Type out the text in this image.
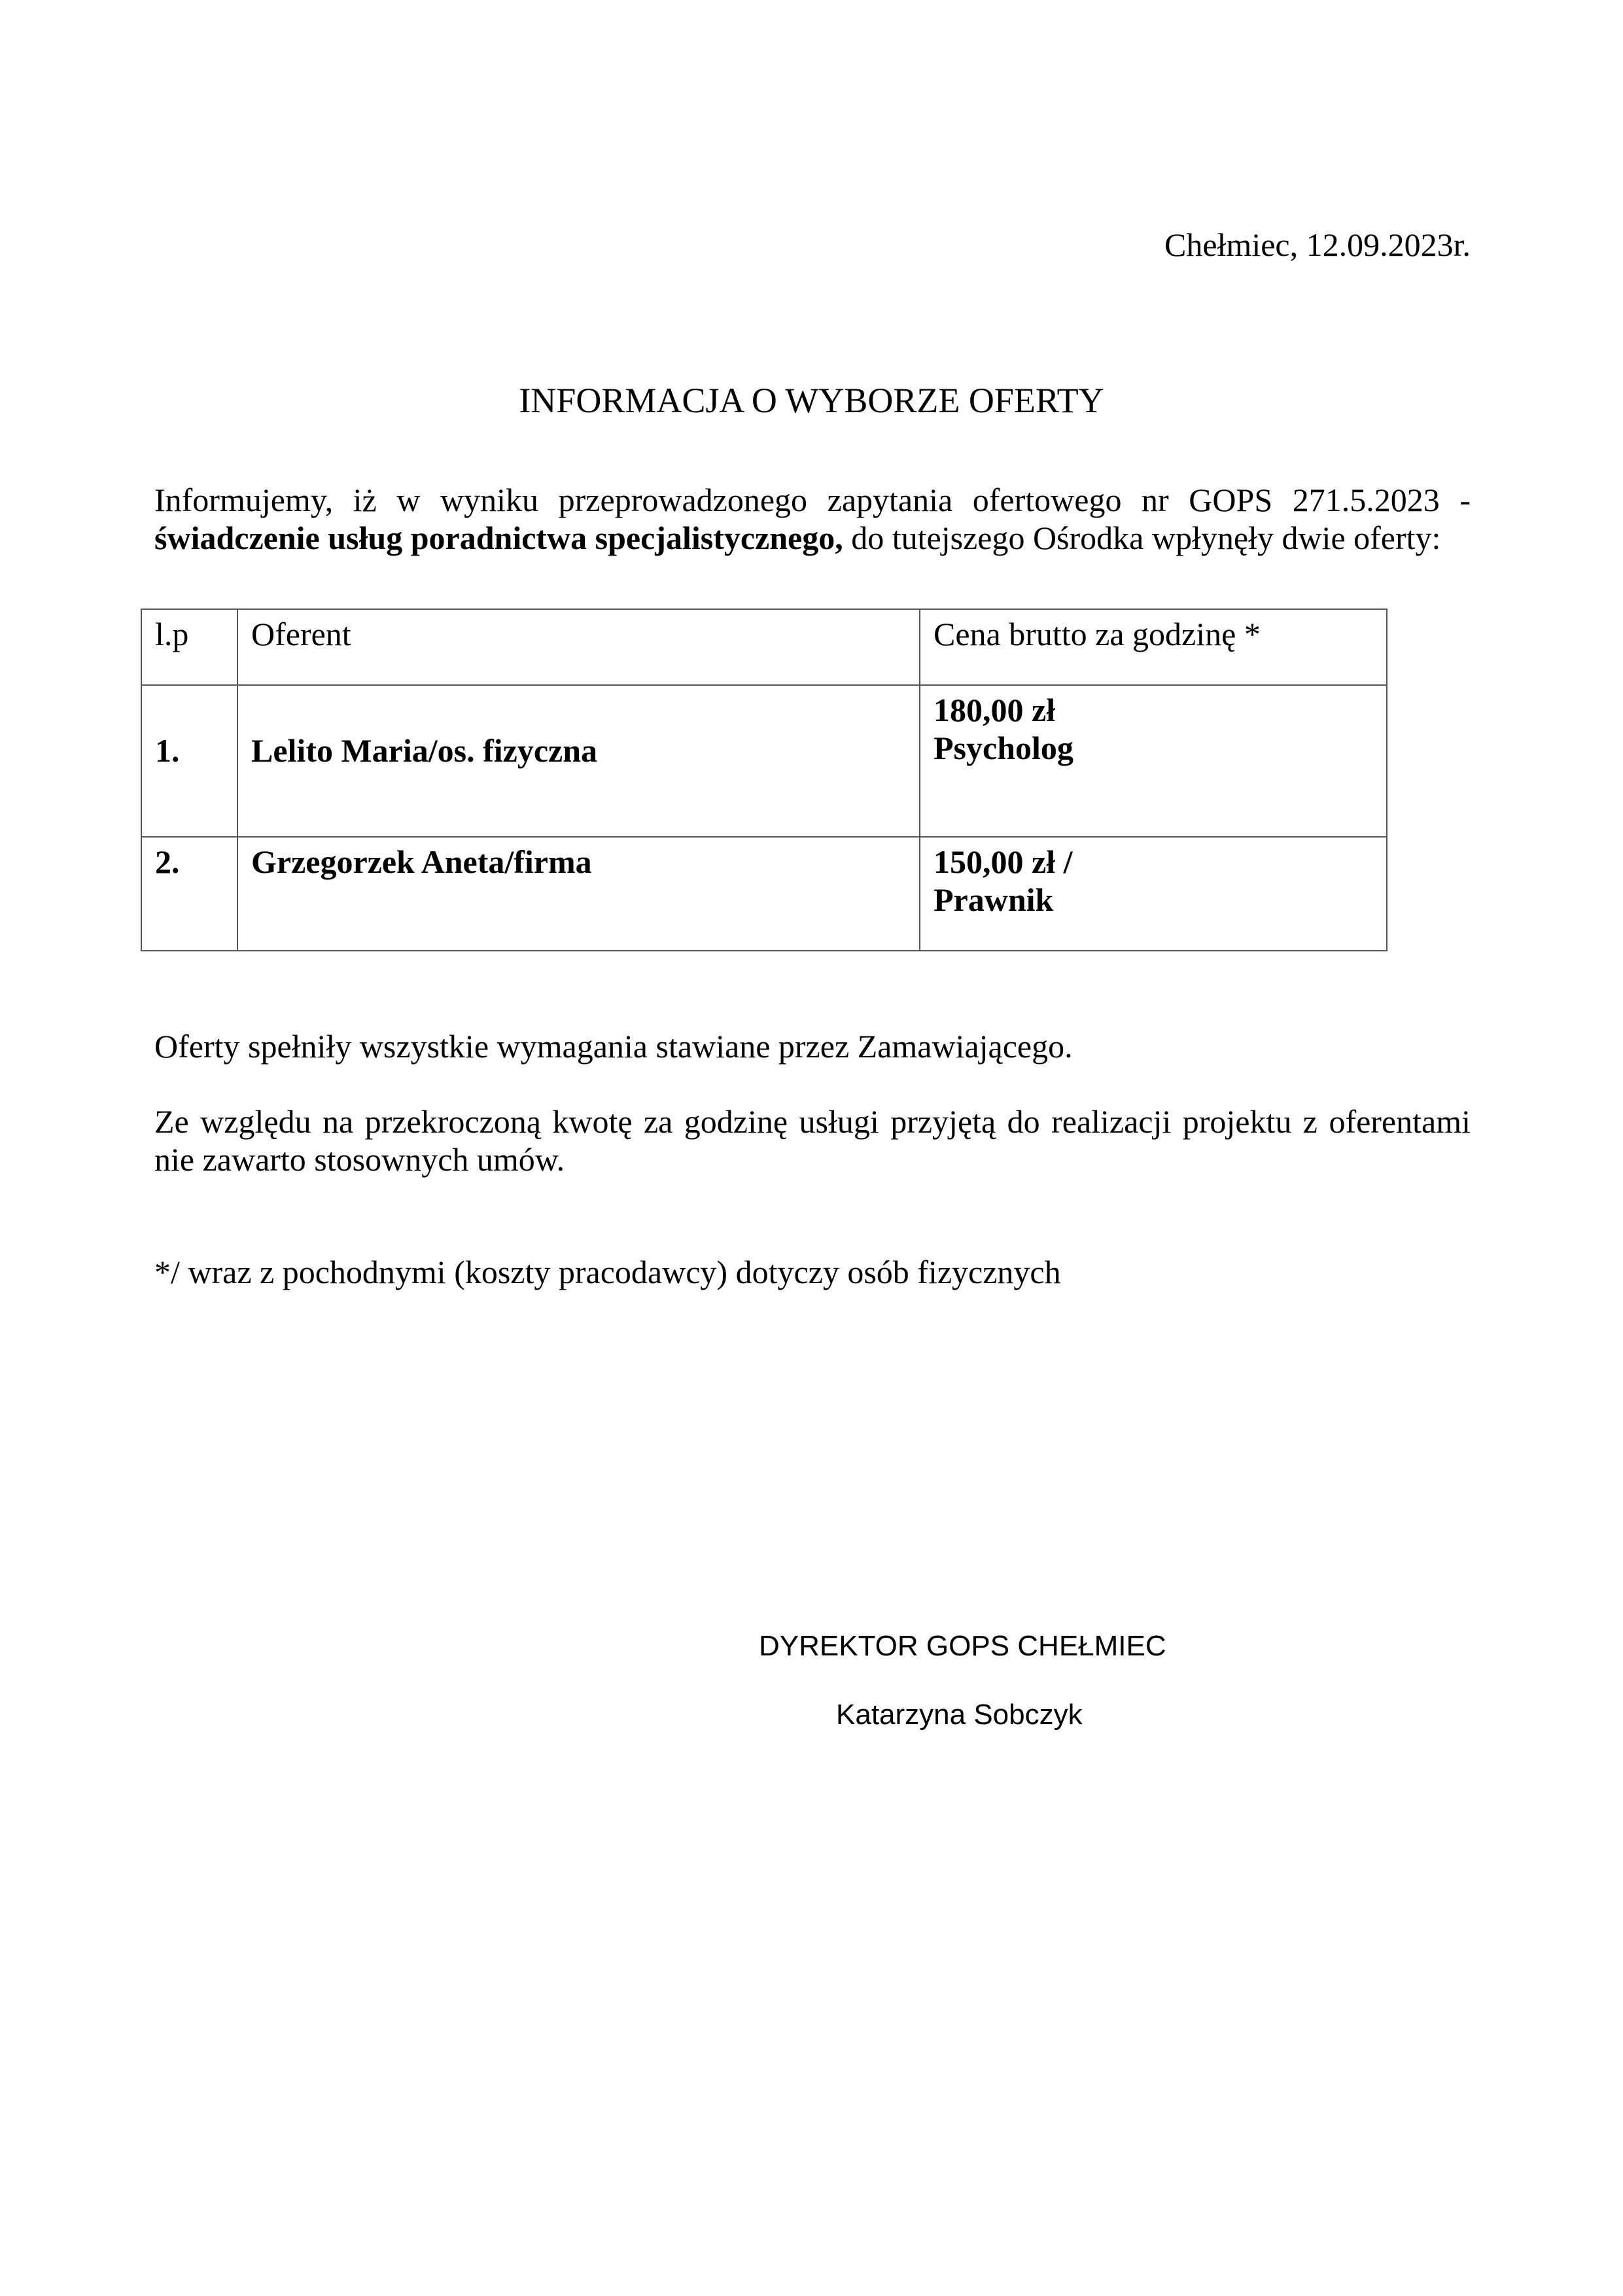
Chełmiec, 12.09.2023r.

INFORMACJA O WYBORZE OFERTY

Informujemy, iż w wyniku przeprowadzonego zapytania ofertowego nr GOPS 271.5.2023 - świadczenie usług poradnictwa specjalistycznego, do tutejszego Ośrodka wpłynęły dwie oferty:

l.p	Oferent	Cena brutto za godzinę *
1.	Lelito Maria/os. fizyczna	180,00 zł
Psycholog

2.	Grzegorzek Aneta/firma	150,00 zł /
Prawnik

Oferty spełniły wszystkie wymagania stawiane przez Zamawiającego.

Ze względu na przekroczoną kwotę za godzinę usługi przyjętą do realizacji projektu z oferentami nie zawarto stosownych umów.

*/ wraz z pochodnymi (koszty pracodawcy) dotyczy osób fizycznych

DYREKTOR GOPS CHEŁMIEC

Katarzyna Sobczyk
